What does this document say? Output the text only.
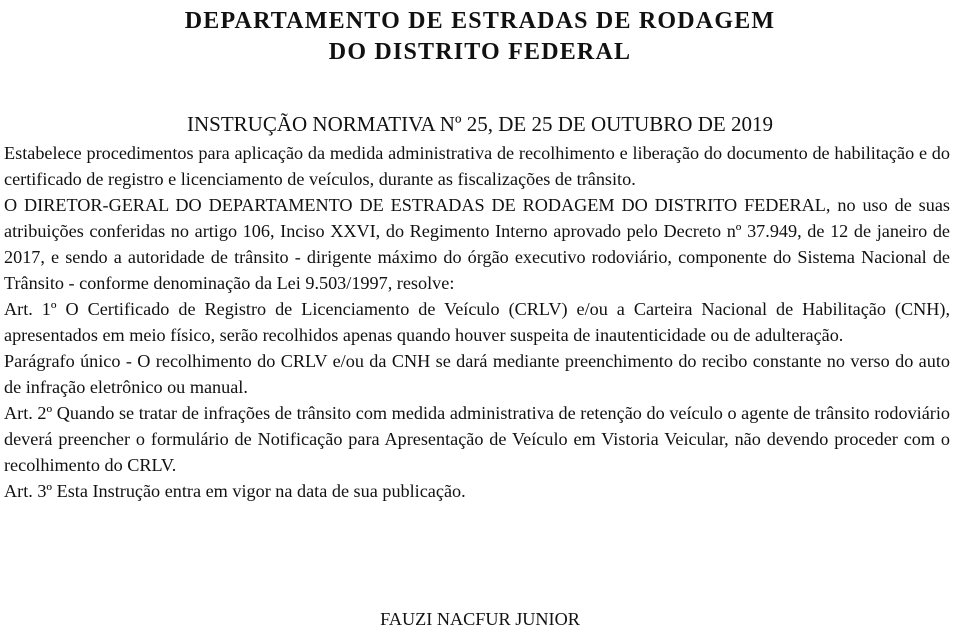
DEPARTAMENTO DE ESTRADAS DE RODAGEM
DO DISTRITO FEDERAL
INSTRUÇÃO NORMATIVA Nº 25, DE 25 DE OUTUBRO DE 2019

Estabelece procedimentos para aplicação da medida administrativa de recolhimento e liberação do documento de habilitação e do certificado de registro e licenciamento de veículos, durante as fiscalizações de trânsito.

O DIRETOR-GERAL DO DEPARTAMENTO DE ESTRADAS DE RODAGEM DO DISTRITO FEDERAL, no uso de suas atribuições conferidas no artigo 106, Inciso XXVI, do Regimento Interno aprovado pelo Decreto nº 37.949, de 12 de janeiro de 2017, e sendo a autoridade de trânsito - dirigente máximo do órgão executivo rodoviário, componente do Sistema Nacional de Trânsito - conforme denominação da Lei 9.503/1997, resolve:

Art. 1º O Certificado de Registro de Licenciamento de Veículo (CRLV) e/ou a Carteira Nacional de Habilitação (CNH), apresentados em meio físico, serão recolhidos apenas quando houver suspeita de inautenticidade ou de adulteração.

Parágrafo único - O recolhimento do CRLV e/ou da CNH se dará mediante preenchimento do recibo constante no verso do auto de infração eletrônico ou manual.

Art. 2º Quando se tratar de infrações de trânsito com medida administrativa de retenção do veículo o agente de trânsito rodoviário deverá preencher o formulário de Notificação para Apresentação de Veículo em Vistoria Veicular, não devendo proceder com o recolhimento do CRLV.

Art. 3º Esta Instrução entra em vigor na data de sua publicação.

FAUZI NACFUR JUNIOR
